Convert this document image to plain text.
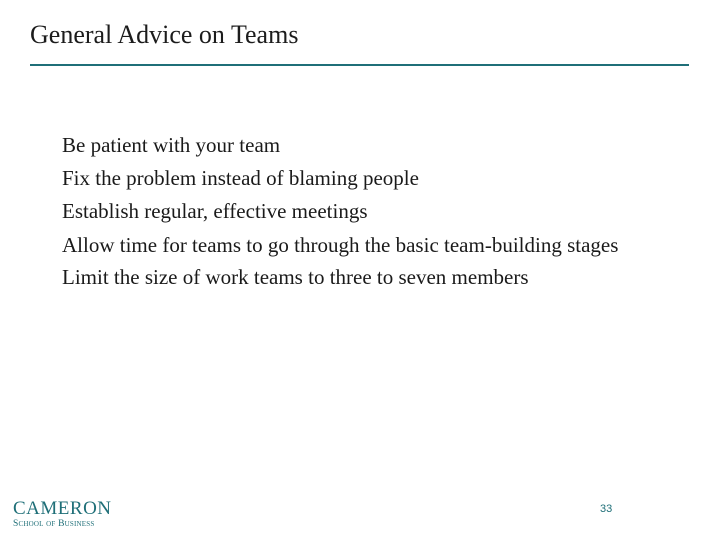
General Advice on Teams
Be patient with your team
Fix the problem instead of blaming people
Establish regular, effective meetings
Allow time for teams to go through the basic team-building stages
Limit the size of work teams to three to seven members
CAMERON
School of Business
33
